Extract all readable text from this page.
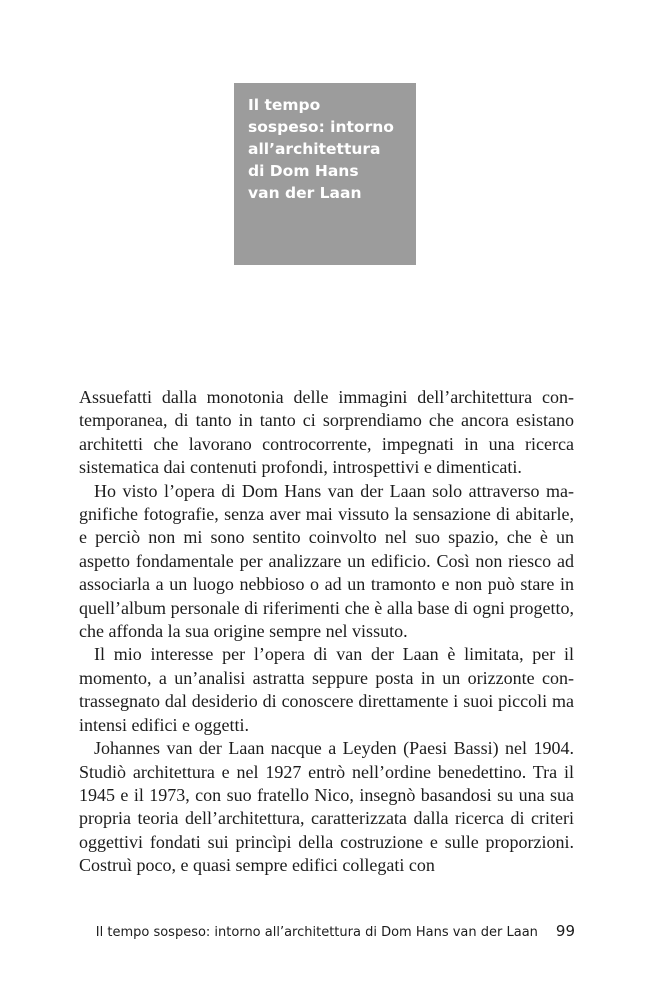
Il tempo
sospeso: intorno
all’architettura
di Dom Hans
van der Laan

Assuefatti dalla monotonia delle immagini dell’architettura contemporanea, di tanto in tanto ci sorprendiamo che ancora esistano architetti che lavorano controcorrente, impegnati in una ricerca sistematica dai contenuti profondi, introspettivi e dimenticati.

Ho visto l’opera di Dom Hans van der Laan solo attraverso magnifiche fotografie, senza aver mai vissuto la sensazione di abitarle, e perciò non mi sono sentito coinvolto nel suo spazio, che è un aspetto fondamentale per analizzare un edificio. Così non riesco ad associarla a un luogo nebbioso o ad un tramonto e non può stare in quell’album personale di riferimenti che è alla base di ogni progetto, che affonda la sua origine sempre nel vissuto.

Il mio interesse per l’opera di van der Laan è limitata, per il momento, a un’analisi astratta seppure posta in un orizzonte contrassegnato dal desiderio di conoscere direttamente i suoi piccoli ma intensi edifici e oggetti.

Johannes van der Laan nacque a Leyden (Paesi Bassi) nel 1904. Studiò architettura e nel 1927 entrò nell’ordine benedettino. Tra il 1945 e il 1973, con suo fratello Nico, insegnò basandosi su una sua propria teoria dell’architettura, caratterizzata dalla ricerca di criteri oggettivi fondati sui princìpi della costruzione e sulle proporzioni. Costruì poco, e quasi sempre edifici collegati con

Il tempo sospeso: intorno all’architettura di Dom Hans van der Laan 99
